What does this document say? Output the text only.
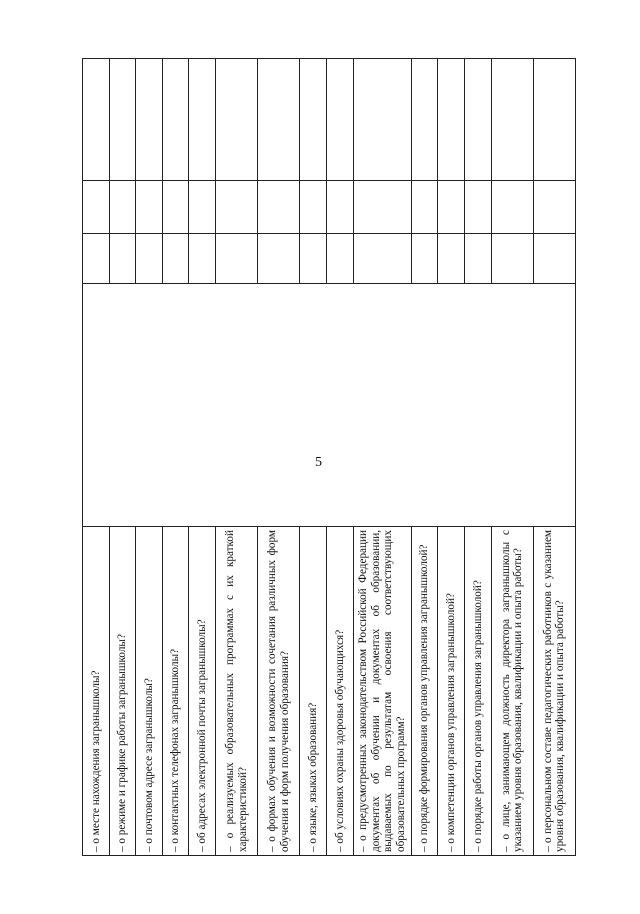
5
– о месте нахождения загранышколы?				
– о режиме и графике работы загранышколы?				
– о почтовом адресе загранышколы?				
– о контактных телефонах загранышколы?				
– об адресах электронной почты загранышколы?				
– о реализуемых образовательных программах с их краткой характеристикой?				
– о формах обучения и возможности сочетания различных форм обучения и форм получения образования?				
– о языке, языках образования?				
– об условиях охраны здоровья обучающихся?				
– о предусмотренных законодательством Российской Федерации документах об обучении и документах об образовании, выдаваемых по результатам освоения соответствующих образовательных программ?				
– о порядке формирования органов управления загранышколой?				
– о компетенции органов управления загранышколой?				
– о порядке работы органов управления загранышколой?				
– о лице, занимающем должность директора загранышколы с указанием уровня образования, квалификации и опыта работы?				
– о персональном составе педагогических работников с указанием уровня образования, квалификации и опыта работы?				
